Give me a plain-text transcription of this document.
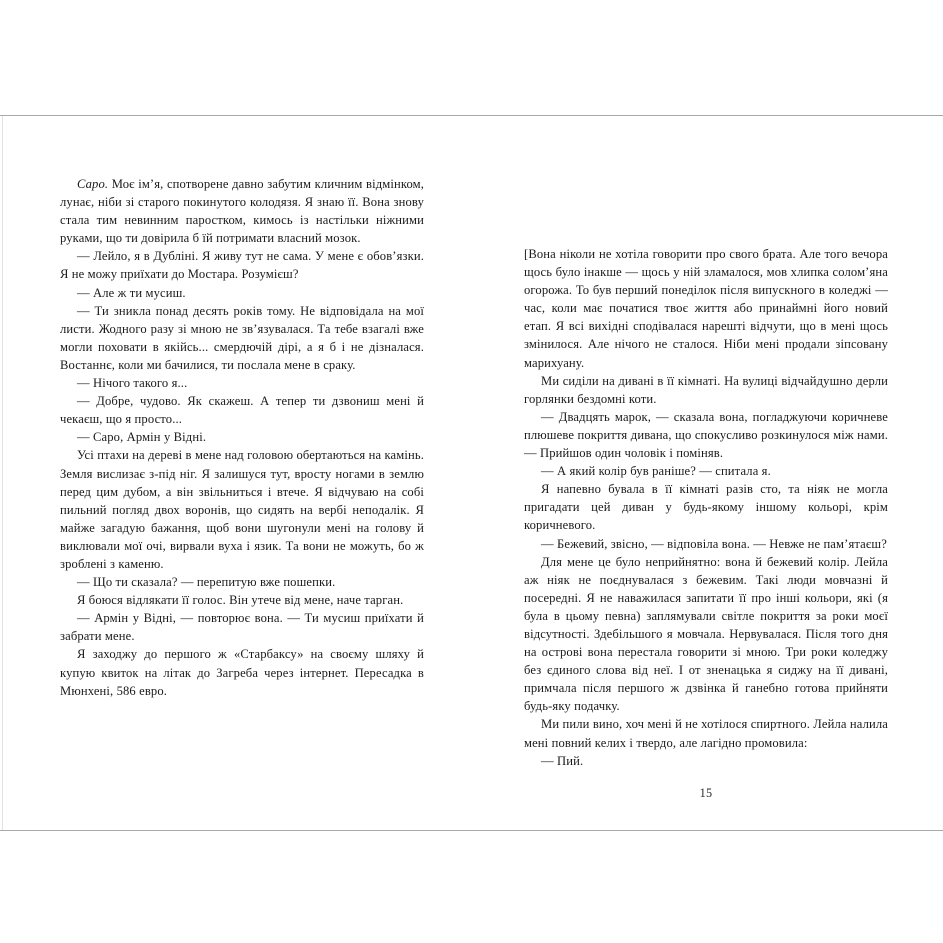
Саро. Моє ім’я, спотворене давно забутим кличним відмінком, лунає, ніби зі старого покинутого колодязя. Я знаю її. Вона знову стала тим невинним паростком, кимось із настільки ніжними руками, що ти довірила б їй потримати власний мозок.

— Лейло, я в Дубліні. Я живу тут не сама. У мене є обов’язки. Я не можу приїхати до Мостара. Розумієш?

— Але ж ти мусиш.

— Ти зникла понад десять років тому. Не відповідала на мої листи. Жодного разу зі мною не зв’язувалася. Та тебе взагалі вже могли поховати в якійсь... смердючій дірі, а я б і не дізналася. Востаннє, коли ми бачилися, ти послала мене в сраку.

— Нічого такого я...

— Добре, чудово. Як скажеш. А тепер ти дзвониш мені й чекаєш, що я просто...

— Саро, Армін у Відні.

Усі птахи на дереві в мене над головою обертаються на камінь. Земля вислизає з-під ніг. Я залишуся тут, вросту ногами в землю перед цим дубом, а він звільниться і втече. Я відчуваю на собі пильний погляд двох воронів, що сидять на вербі неподалік. Я майже загадую бажання, щоб вони шугонули мені на голову й виклювали мої очі, вирвали вуха і язик. Та вони не можуть, бо ж зроблені з каменю.

— Що ти сказала? — перепитую вже пошепки.

Я боюся відлякати її голос. Він утече від мене, наче тарган.

— Армін у Відні, — повторює вона. — Ти мусиш приїхати й забрати мене.

Я заходжу до першого ж «Старбаксу» на своєму шляху й купую квиток на літак до Загреба через інтернет. Пересадка в Мюнхені, 586 евро.

[Вона ніколи не хотіла говорити про свого брата. Але того вечора щось було інакше — щось у ній зламалося, мов хлипка солом’яна огорожа. То був перший понеділок після випускного в коледжі — час, коли має початися твоє життя або принаймні його новий етап. Я всі вихідні сподівалася нарешті відчути, що в мені щось змінилося. Але нічого не сталося. Ніби мені продали зіпсовану марихуану.

Ми сиділи на дивані в її кімнаті. На вулиці відчайдушно дерли горлянки бездомні коти.

— Двадцять марок, — сказала вона, погладжуючи коричневе плюшеве покриття дивана, що спокусливо розкинулося між нами. — Прийшов один чоловік і поміняв.

— А який колір був раніше? — спитала я.

Я напевно бувала в її кімнаті разів сто, та ніяк не могла пригадати цей диван у будь-якому іншому кольорі, крім коричневого.

— Бежевий, звісно, — відповіла вона. — Невже не пам’ятаєш?

Для мене це було неприйнятно: вона й бежевий колір. Лейла аж ніяк не поєднувалася з бежевим. Такі люди мовчазні й посередні. Я не наважилася запитати її про інші кольори, які (я була в цьому певна) заплямували світле покриття за роки моєї відсутності. Здебільшого я мовчала. Нервувалася. Після того дня на острові вона перестала говорити зі мною. Три роки коледжу без єдиного слова від неї. І от зненацька я сиджу на її дивані, примчала після першого ж дзвінка й ганебно готова прийняти будь-яку подачку.

Ми пили вино, хоч мені й не хотілося спиртного. Лейла налила мені повний келих і твердо, але лагідно промовила:

— Пий.

15
